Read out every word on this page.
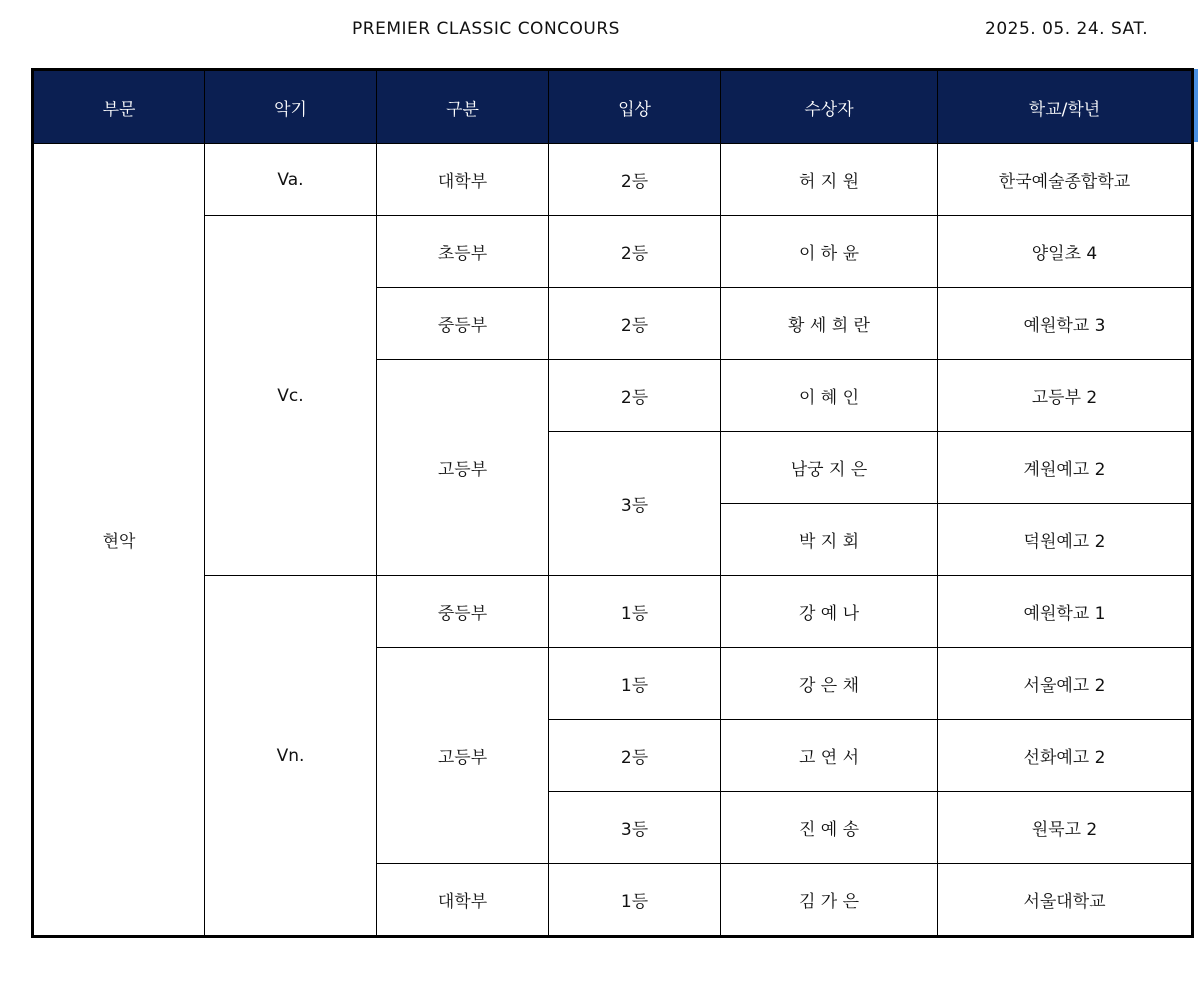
PREMIER CLASSIC CONCOURS	2025. 05. 24. SAT.
부문	악기	구분	입상	수상자	학교/학년
현악	Va.	대학부	2등	허 지 원	한국예술종합학교
	Vc.	초등부	2등	이 하 윤	양일초 4
		중등부	2등	황 세 희 란	예원학교 3
		고등부	2등	이 혜 인	고등부 2
			3등	남궁 지 은	계원예고 2
				박 지 회	덕원예고 2
	Vn.	중등부	1등	강 예 나	예원학교 1
		고등부	1등	강 은 채	서울예고 2
			2등	고 연 서	선화예고 2
			3등	진 예 송	원묵고 2
		대학부	1등	김 가 은	서울대학교
